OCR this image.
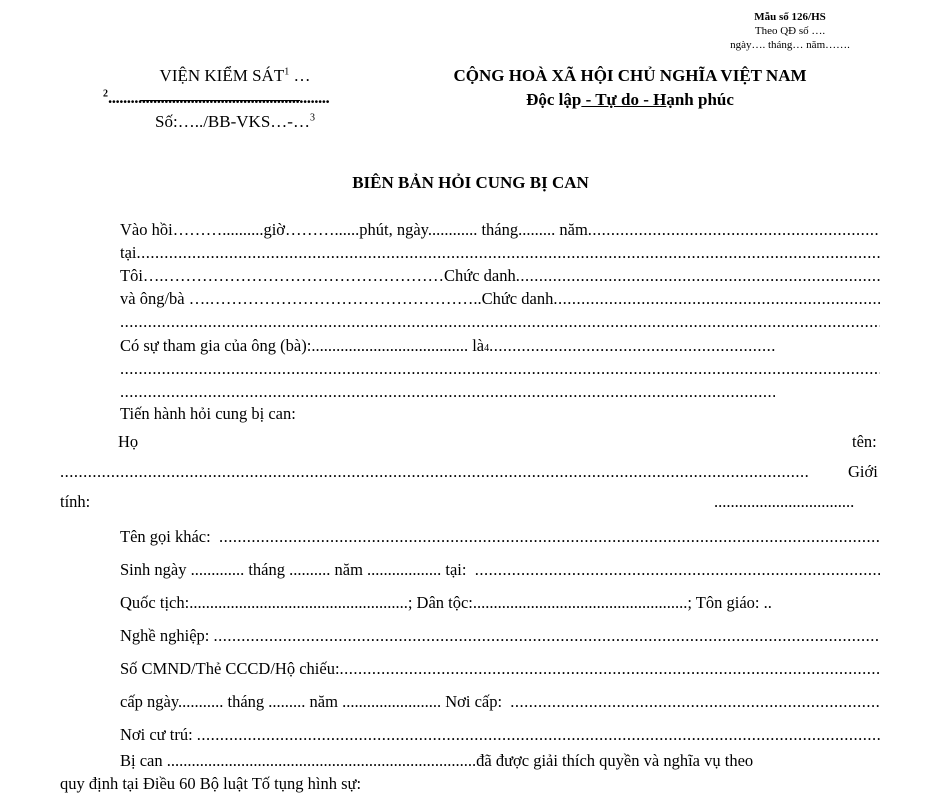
Mẫu số 126/HS
Theo QĐ số ….
ngày…. tháng… năm…….
VIỆN KIỂM SÁT$^1$ …
$^2$...........................................................
Số:…../BB-VKS…-…$^3$
CỘNG HOÀ XÃ HỘI CHỦ NGHĨA VIỆT NAM
Độc lập - Tự do - Hạnh phúc
BIÊN BẢN HỎI CUNG BỊ CAN
Vào hồi………..........giờ………......phút, ngày............ tháng......... năm
.....
tại
.....
Tôi….……………………………………………Chức danh
.....
và ông/bà ….…………………………………………..Chức danh
.....
.....
Có sự tham gia của ông (bà):...................................... là 4
.....
.....
.....
Tiến hành hỏi cung bị can:
Họ	tên:
.....
Giới
tính:	..................................
Tên gọi khác:

.....
Sinh ngày ............. tháng .......... năm .................. tại:

.....
Quốc tịch:.....................................................; Dân tộc:....................................................; Tôn giáo: ..
Nghề nghiệp:

.....
Số CMND/Thẻ CCCD/Hộ chiếu:
.....
cấp ngày........... tháng ......... năm ........................ Nơi cấp:

.....
Nơi cư trú:

.....
Bị can
........................................................................... đã được giải thích quyền và nghĩa vụ theo
quy định tại Điều 60 Bộ luật Tố tụng hình sự:
